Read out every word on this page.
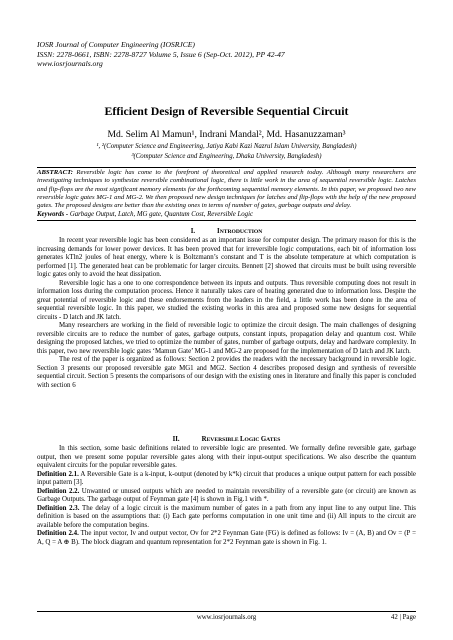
IOSR Journal of Computer Engineering (IOSRJCE)
ISSN: 2278-0661, ISBN: 2278-8727 Volume 5, Issue 6 (Sep-Oct. 2012), PP 42-47
www.iosrjournals.org
Efficient Design of Reversible Sequential Circuit
Md. Selim Al Mamun¹, Indrani Mandal², Md. Hasanuzzaman³
¹, ²(Computer Science and Engineering, Jatiya Kabi Kazi Nazrul Islam University, Bangladesh)
³(Computer Science and Engineering, Dhaka University, Bangladesh)
ABSTRACT: Reversible logic has come to the forefront of theoretical and applied research today. Although many researchers are investigating techniques to synthesize reversible combinational logic, there is little work in the area of sequential reversible logic. Latches and flip-flops are the most significant memory elements for the forthcoming sequential memory elements. In this paper, we proposed two new reversible logic gates MG-1 and MG-2. We then proposed new design techniques for latches and flip-flops with the help of the new proposed gates. The proposed designs are better than the existing ones in terms of number of gates, garbage outputs and delay.
Keywords - Garbage Output, Latch, MG gate, Quantum Cost, Reversible Logic
I.	INTRODUCTION

In recent year reversible logic has been considered as an important issue for computer design. The primary reason for this is the increasing demands for lower power devices. It has been proved that for irreversible logic computations, each bit of information loss generates kTln2 joules of heat energy, where k is Boltzmann’s constant and T is the absolute temperature at which computation is performed [1]. The generated heat can be problematic for larger circuits. Bennett [2] showed that circuits must be built using reversible logic gates only to avoid the heat dissipation.

Reversible logic has a one to one correspondence between its inputs and outputs. Thus reversible computing does not result in information loss during the computation process. Hence it naturally takes care of heating generated due to information loss. Despite the great potential of reversible logic and these endorsements from the leaders in the field, a little work has been done in the area of sequential reversible logic. In this paper, we studied the existing works in this area and proposed some new designs for sequential circuits - D latch and JK latch.

Many researchers are working in the field of reversible logic to optimize the circuit design. The main challenges of designing reversible circuits are to reduce the number of gates, garbage outputs, constant inputs, propagation delay and quantum cost. While designing the proposed latches, we tried to optimize the number of gates, number of garbage outputs, delay and hardware complexity. In this paper, two new reversible logic gates ‘Mamun Gate’ MG-1 and MG-2 are proposed for the implementation of D latch and JK latch.

The rest of the paper is organized as follows: Section 2 provides the readers with the necessary background in reversible logic. Section 3 presents our proposed reversible gate MG1 and MG2. Section 4 describes proposed design and synthesis of reversible sequential circuit. Section 5 presents the comparisons of our design with the existing ones in literature and finally this paper is concluded with section 6

II.	REVERSIBLE LOGIC GATES

In this section, some basic definitions related to reversible logic are presented. We formally define reversible gate, garbage output, then we present some popular reversible gates along with their input-output specifications. We also describe the quantum equivalent circuits for the popular reversible gates.

Definition 2.1. A Reversible Gate is a k-input, k-output (denoted by k*k) circuit that produces a unique output pattern for each possible input pattern [3].

Definition 2.2. Unwanted or unused outputs which are needed to maintain reversibility of a reversible gate (or circuit) are known as Garbage Outputs. The garbage output of Feynman gate [4] is shown in Fig.1 with *.

Definition 2.3. The delay of a logic circuit is the maximum number of gates in a path from any input line to any output line. This definition is based on the assumptions that: (i) Each gate performs computation in one unit time and (ii) All inputs to the circuit are available before the computation begins.

Definition 2.4. The input vector, Iv and output vector, Ov for 2*2 Feynman Gate (FG) is defined as follows: Iv = (A, B) and Ov = (P = A, Q = A ⊕ B). The block diagram and quantum representation for 2*2 Feynman gate is shown in Fig. 1.

www.iosrjournals.org	42 | Page
